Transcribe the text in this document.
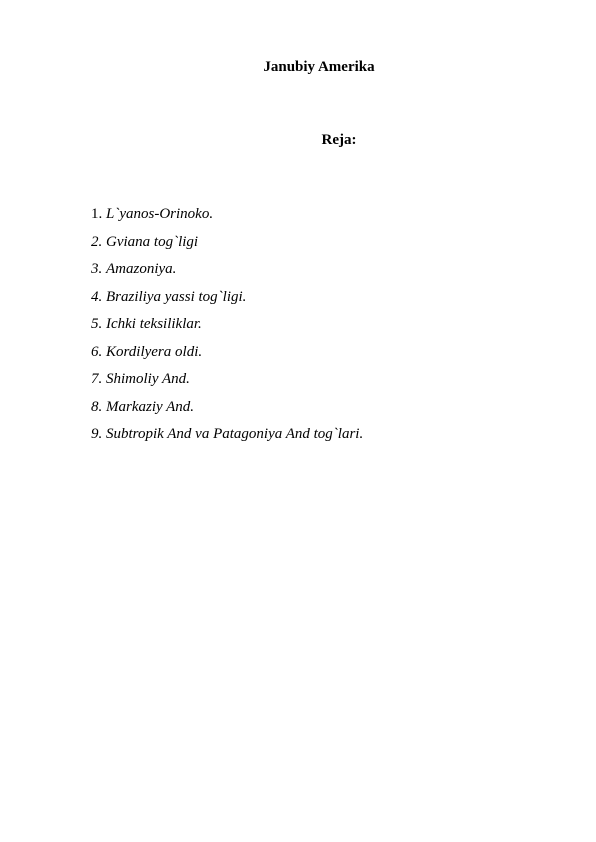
Janubiy Amerika
Reja:
1. L`yanos-Orinoko.
2. Gviana tog`ligi
3. Amazoniya.
4. Braziliya yassi tog`ligi.
5. Ichki teksiliklar.
6. Kordilyera oldi.
7. Shimoliy And.
8. Markaziy And.
9. Subtropik And va Patagoniya And tog`lari.
